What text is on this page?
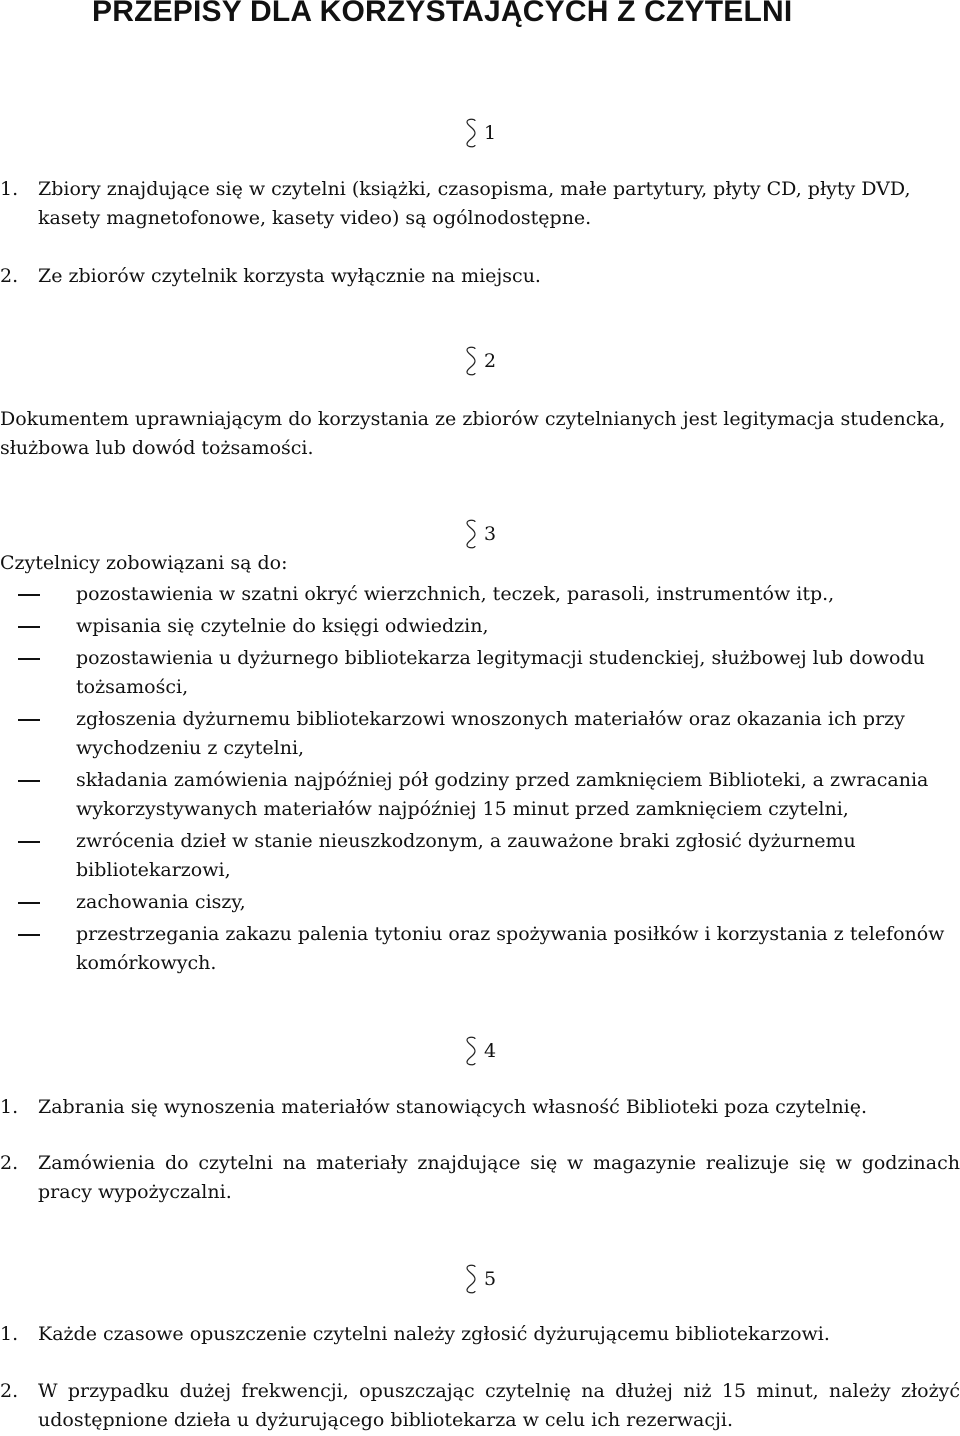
PRZEPISY DLA KORZYSTAJĄCYCH Z CZYTELNI
1
1. Zbiory znajdujące się w czytelni (książki, czasopisma, małe partytury, płyty CD, płyty DVD, kasety magnetofonowe, kasety video) są ogólnodostępne.
2. Ze zbiorów czytelnik korzysta wyłącznie na miejscu.
2
Dokumentem uprawniającym do korzystania ze zbiorów czytelnianych jest legitymacja studencka, służbowa lub dowód tożsamości.
3
Czytelnicy zobowiązani są do:
pozostawienia w szatni okryć wierzchnich, teczek, parasoli, instrumentów itp.,
wpisania się czytelnie do księgi odwiedzin,
pozostawienia u dyżurnego bibliotekarza legitymacji studenckiej, służbowej lub dowodu tożsamości,
zgłoszenia dyżurnemu bibliotekarzowi wnoszonych materiałów oraz okazania ich przy wychodzeniu z czytelni,
składania zamówienia najpóźniej pół godziny przed zamknięciem Biblioteki, a zwracania wykorzystywanych materiałów najpóźniej 15 minut przed zamknięciem czytelni,
zwrócenia dzieł w stanie nieuszkodzonym, a zauważone braki zgłosić dyżurnemu bibliotekarzowi,
zachowania ciszy,
przestrzegania zakazu palenia tytoniu oraz spożywania posiłków i korzystania z telefonów komórkowych.
4
1. Zabrania się wynoszenia materiałów stanowiących własność Biblioteki poza czytelnię.
2. Zamówienia do czytelni na materiały znajdujące się w magazynie realizuje się w godzinach pracy wypożyczalni.
5
1. Każde czasowe opuszczenie czytelni należy zgłosić dyżurującemu bibliotekarzowi.
2. W przypadku dużej frekwencji, opuszczając czytelnię na dłużej niż 15 minut, należy złożyć udostępnione dzieła u dyżurującego bibliotekarza w celu ich rezerwacji.
